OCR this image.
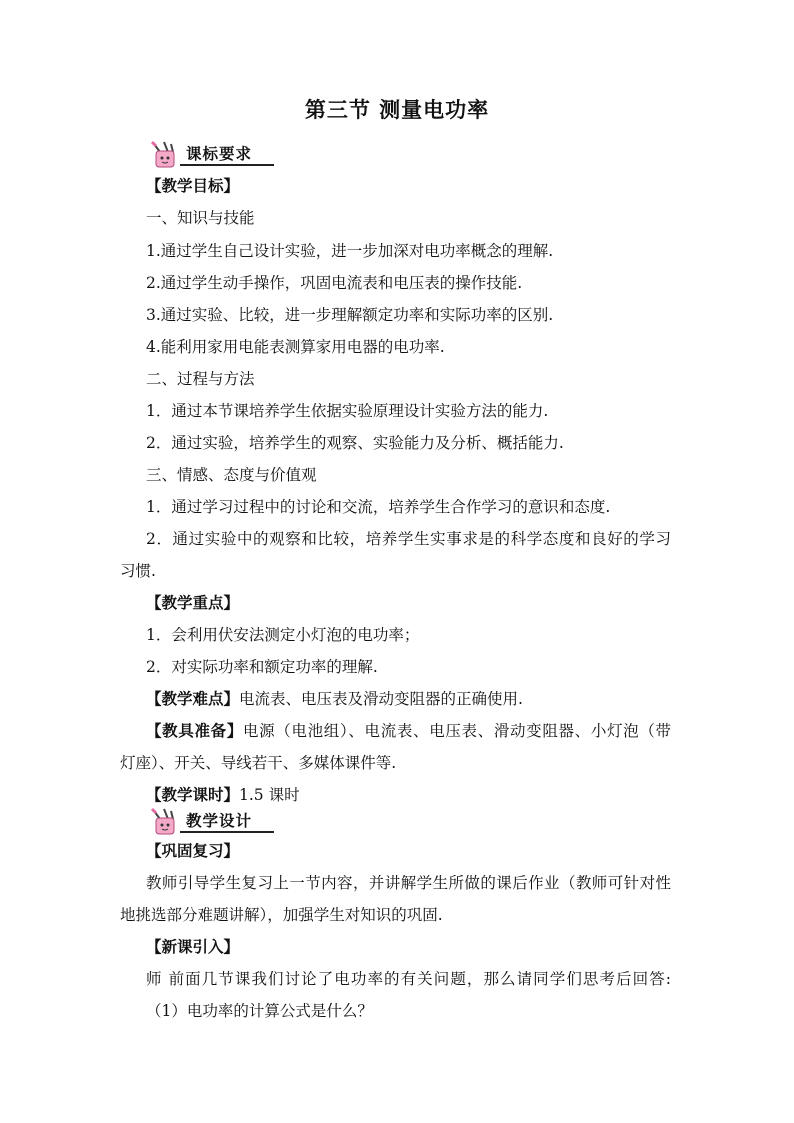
第三节 测量电功率
课标要求
【教学目标】
一、知识与技能
1.通过学生自己设计实验，进一步加深对电功率概念的理解.
2.通过学生动手操作，巩固电流表和电压表的操作技能.
3.通过实验、比较，进一步理解额定功率和实际功率的区别.
4.能利用家用电能表测算家用电器的电功率.
二、过程与方法
1．通过本节课培养学生依据实验原理设计实验方法的能力.
2．通过实验，培养学生的观察、实验能力及分析、概括能力.
三、情感、态度与价值观
1．通过学习过程中的讨论和交流，培养学生合作学习的意识和态度.
2．通过实验中的观察和比较，培养学生实事求是的科学态度和良好的学习
习惯.
【教学重点】
1．会利用伏安法测定小灯泡的电功率；
2．对实际功率和额定功率的理解.
【教学难点】电流表、电压表及滑动变阻器的正确使用.
【教具准备】电源（电池组）、电流表、电压表、滑动变阻器、小灯泡（带
灯座）、开关、导线若干、多媒体课件等.
【教学课时】1.5 课时
教学设计
【巩固复习】
教师引导学生复习上一节内容，并讲解学生所做的课后作业（教师可针对性
地挑选部分难题讲解），加强学生对知识的巩固.
【新课引入】
师 前面几节课我们讨论了电功率的有关问题，那么请同学们思考后回答:
（1）电功率的计算公式是什么？
